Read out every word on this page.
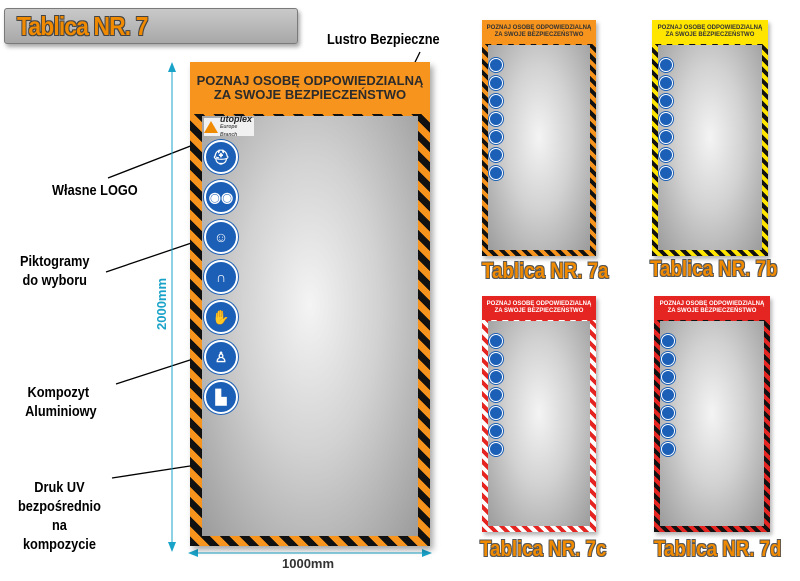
Tablica NR. 7	Lustro Bezpieczne
Własne LOGO
Piktogramy
do wyboru
Kompozyt
Aluminiowy
Druk UV
bezpośrednio
na
kompozycie
2000mm
1000mm
POZNAJ OSOBĘ ODPOWIEDZIALNĄ
ZA SWOJE BEZPIECZEŃSTWO
utoplex
Europe Branch
⛑
◉◉
☺
∩
✋
♙
▙
POZNAJ OSOBĘ ODPOWIEDZIALNĄ
ZA SWOJE BEZPIECZEŃSTWO
Tablica NR. 7a
POZNAJ OSOBĘ ODPOWIEDZIALNĄ
ZA SWOJE BEZPIECZEŃSTWO
Tablica NR. 7b
POZNAJ OSOBĘ ODPOWIEDZIALNĄ
ZA SWOJE BEZPIECZEŃSTWO
Tablica NR. 7c
POZNAJ OSOBĘ ODPOWIEDZIALNĄ
ZA SWOJE BEZPIECZEŃSTWO
Tablica NR. 7d
